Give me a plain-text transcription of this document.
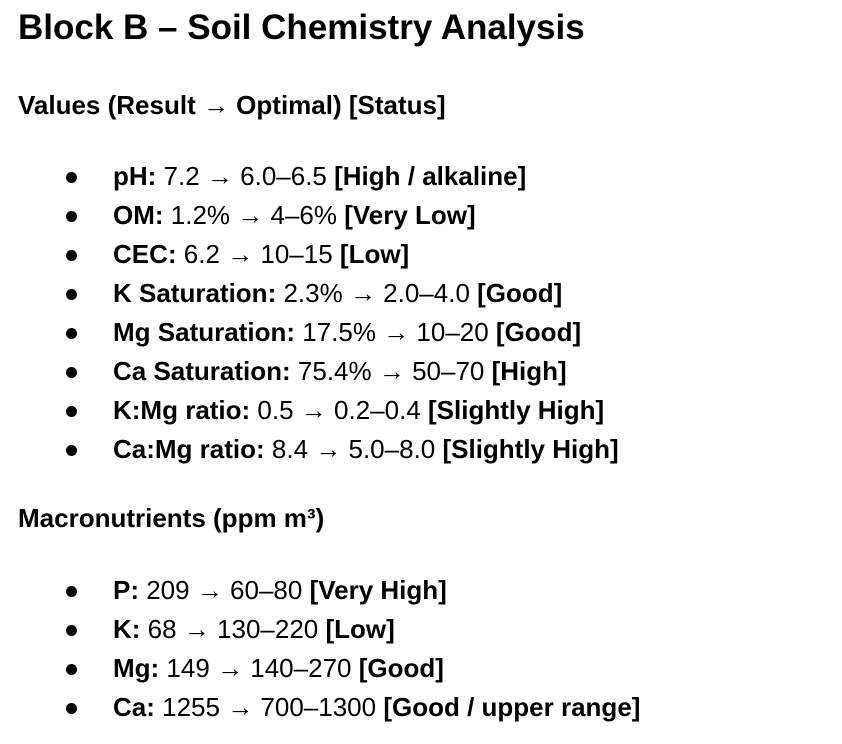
Block B – Soil Chemistry Analysis
Values (Result → Optimal) [Status]
pH: 7.2 → 6.0–6.5 [High / alkaline]
OM: 1.2% → 4–6% [Very Low]
CEC: 6.2 → 10–15 [Low]
K Saturation: 2.3% → 2.0–4.0 [Good]
Mg Saturation: 17.5% → 10–20 [Good]
Ca Saturation: 75.4% → 50–70 [High]
K:Mg ratio: 0.5 → 0.2–0.4 [Slightly High]
Ca:Mg ratio: 8.4 → 5.0–8.0 [Slightly High]
Macronutrients (ppm m³)
P: 209 → 60–80 [Very High]
K: 68 → 130–220 [Low]
Mg: 149 → 140–270 [Good]
Ca: 1255 → 700–1300 [Good / upper range]
